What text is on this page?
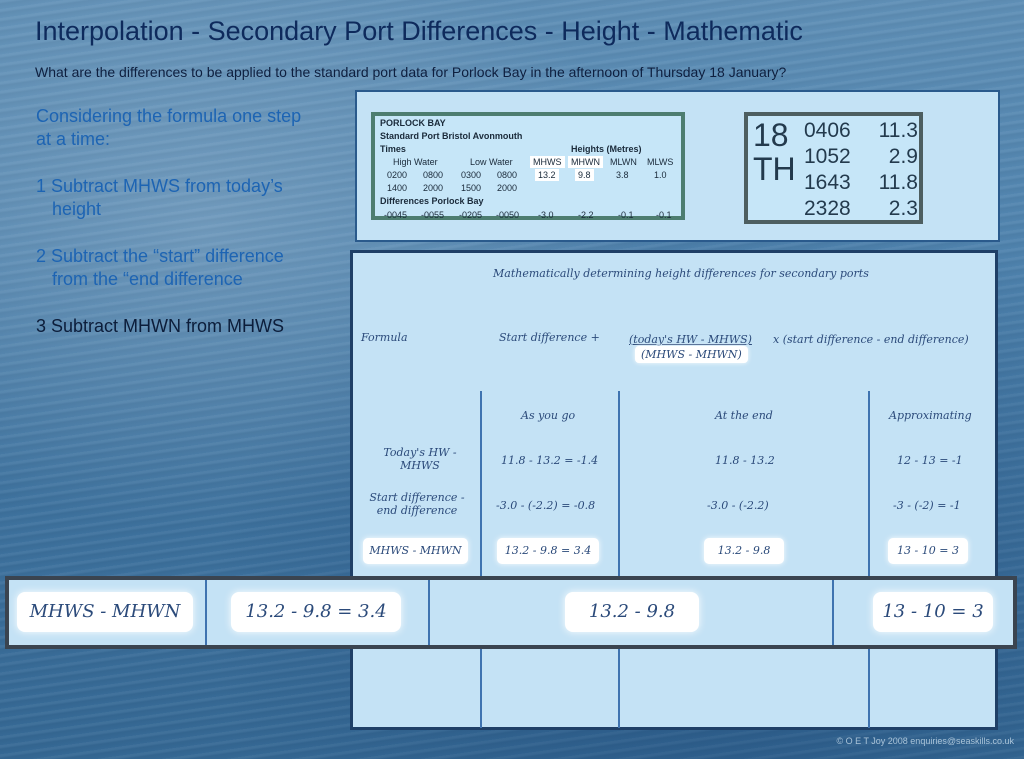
Interpolation - Secondary Port Differences - Height - Mathematic
What are the differences to be applied to the standard port data for Porlock Bay in the afternoon of Thursday 18 January?
Considering the formula one step
at a time:
1 Subtract MHWS from today’s
height
2 Subtract the “start” difference
from the “end difference
3 Subtract MHWN from MHWS
PORLOCK BAY
Standard Port Bristol Avonmouth
Times	Heights (Metres)
High Water	Low Water	MHWS	MHWN	MLWN MLWS
0200 0800 0300 0800	13.2	9.8	3.8	1.0
1400 2000 1500 2000
Differences Porlock Bay
-0045 -0055 -0205 -0050 -3.0	-2.2	-0.1 -0.1
18
TH
0406 11.3
1052 2.9
1643 11.8
2328 2.3
Mathematically determining height differences for secondary ports
Formula	Start difference +	(today's HW - MHWS)
(MHWS - MHWN)
x (start difference - end difference)
As you go	At the end	Approximating
Today's HW -
MHWS	11.8 - 13.2 = -1.4	11.8 - 13.2	12 - 13 = -1
Start difference -
end difference	-3.0 - (-2.2) = -0.8	-3.0 - (-2.2)	-3 - (-2) = -1
MHWS - MHWN	13.2 - 9.8 = 3.4	13.2 - 9.8	13 - 10 = 3
MHWS - MHWN	13.2 - 9.8 = 3.4	13.2 - 9.8	13 - 10 = 3
© O E T Joy 2008 enquiries@seaskills.co.uk
